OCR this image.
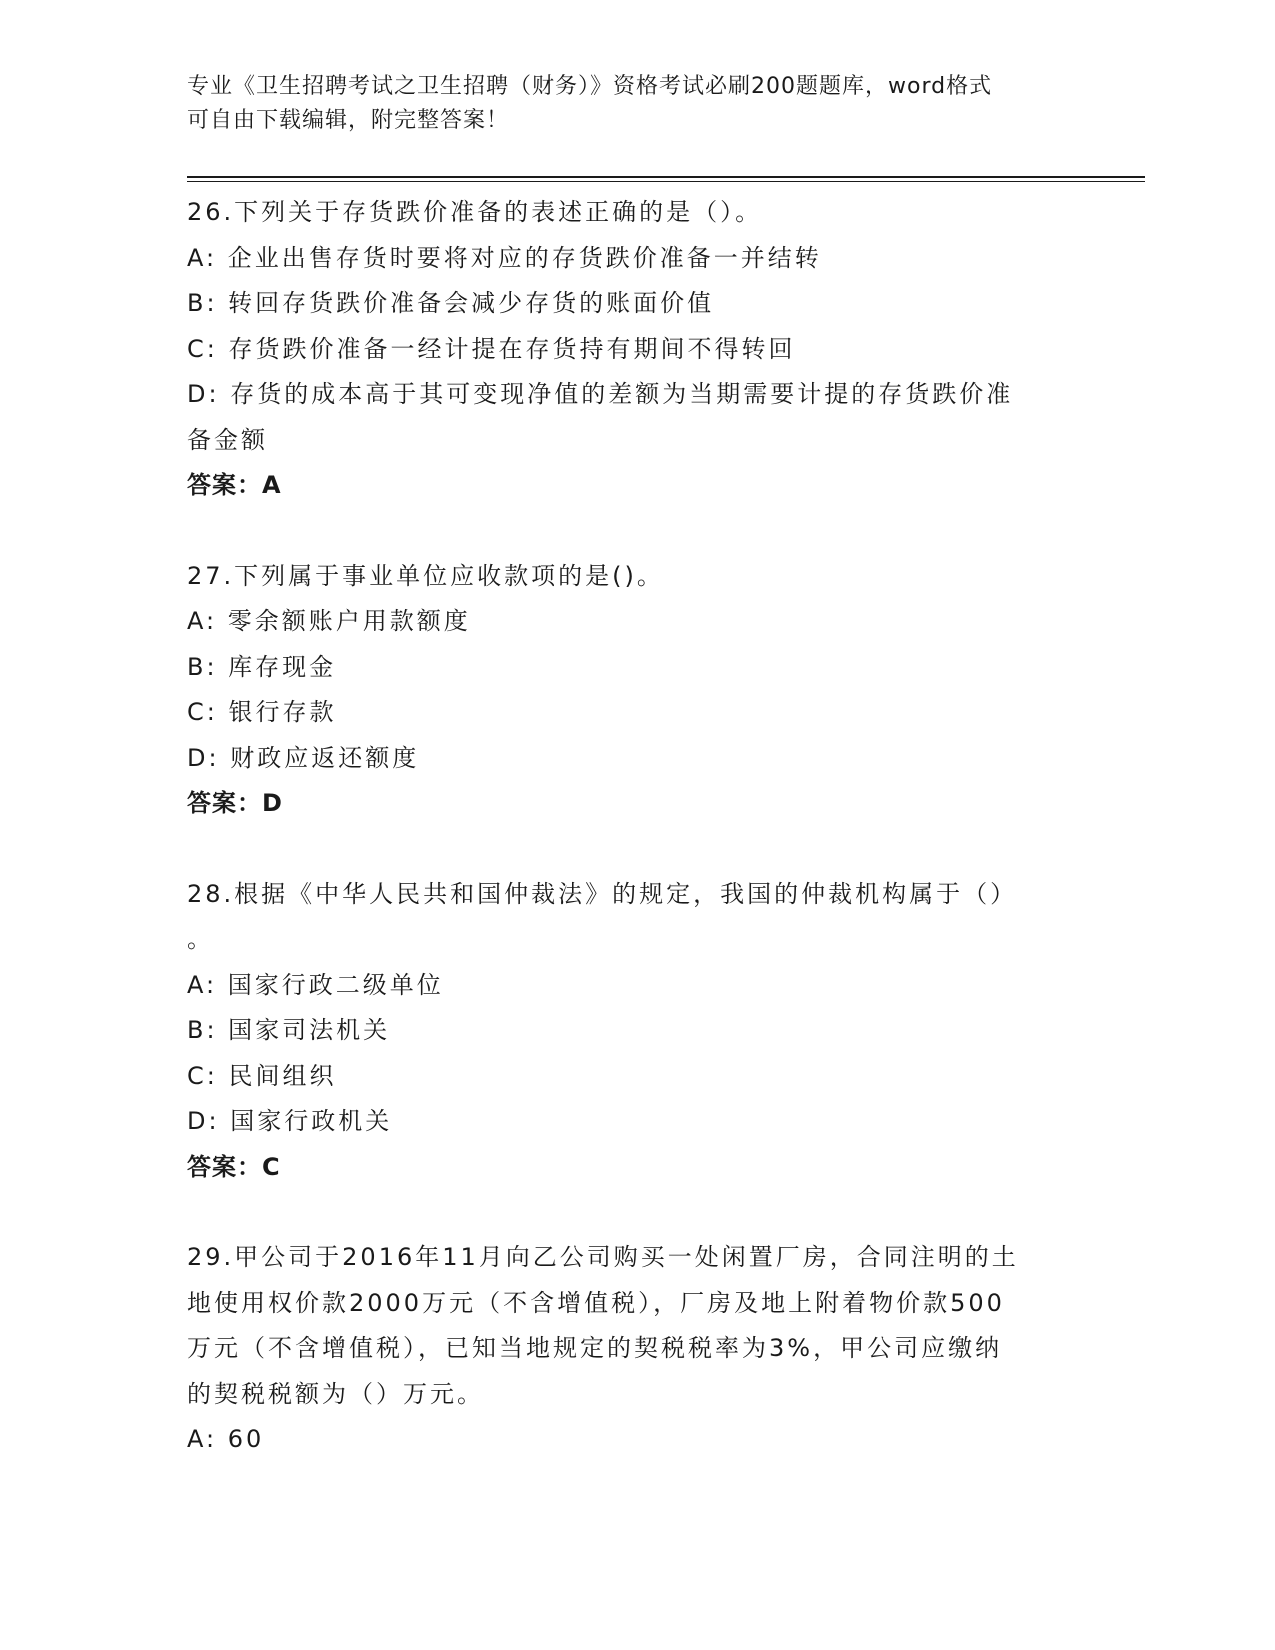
专业《卫生招聘考试之卫生招聘（财务）》资格考试必刷200题题库，word格式
可自由下载编辑，附完整答案！
26.下列关于存货跌价准备的表述正确的是（）。
A: 企业出售存货时要将对应的存货跌价准备一并结转
B: 转回存货跌价准备会减少存货的账面价值
C: 存货跌价准备一经计提在存货持有期间不得转回
D: 存货的成本高于其可变现净值的差额为当期需要计提的存货跌价准
备金额
答案：A
27.下列属于事业单位应收款项的是()。
A: 零余额账户用款额度
B: 库存现金
C: 银行存款
D: 财政应返还额度
答案：D
28.根据《中华人民共和国仲裁法》的规定，我国的仲裁机构属于（）
。
A: 国家行政二级单位
B: 国家司法机关
C: 民间组织
D: 国家行政机关
答案：C
29.甲公司于2016年11月向乙公司购买一处闲置厂房，合同注明的土
地使用权价款2000万元（不含增值税），厂房及地上附着物价款500
万元（不含增值税），已知当地规定的契税税率为3%，甲公司应缴纳
的契税税额为（）万元。
A: 60
